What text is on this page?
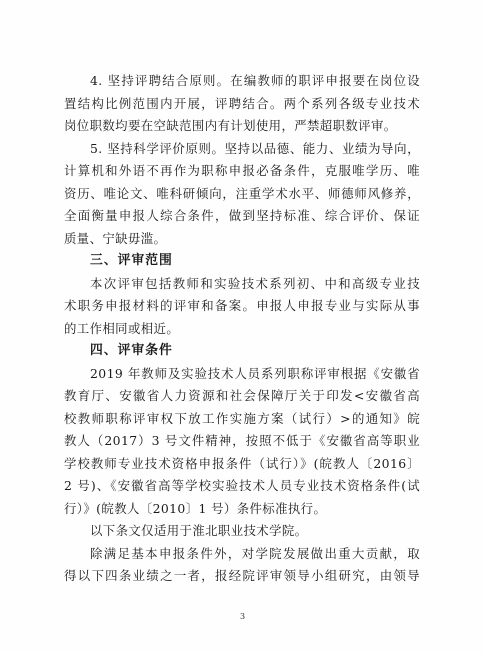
4. 坚持评聘结合原则。在编教师的职评申报要在岗位设
置结构比例范围内开展，评聘结合。两个系列各级专业技术
岗位职数均要在空缺范围内有计划使用，严禁超职数评审。
5. 坚持科学评价原则。坚持以品德、能力、业绩为导向，
计算机和外语不再作为职称申报必备条件，克服唯学历、唯
资历、唯论文、唯科研倾向，注重学术水平、师德师风修养，
全面衡量申报人综合条件，做到坚持标准、综合评价、保证
质量、宁缺毋滥。
三、评审范围
本次评审包括教师和实验技术系列初、中和高级专业技
术职务申报材料的评审和备案。申报人申报专业与实际从事
的工作相同或相近。
四、评审条件
2019 年教师及实验技术人员系列职称评审根据《安徽省
教育厅、安徽省人力资源和社会保障厅关于印发<安徽省高
校教师职称评审权下放工作实施方案（试行）>的通知》皖
教人（2017）3 号文件精神，按照不低于《安徽省高等职业
学校教师专业技术资格申报条件（试行）》(皖教人〔2016〕
2 号)、《安徽省高等学校实验技术人员专业技术资格条件(试
行）》(皖教人〔2010〕1 号）条件标准执行。
以下条文仅适用于淮北职业技术学院。
除满足基本申报条件外，对学院发展做出重大贡献，取
得以下四条业绩之一者，报经院评审领导小组研究，由领导
3
